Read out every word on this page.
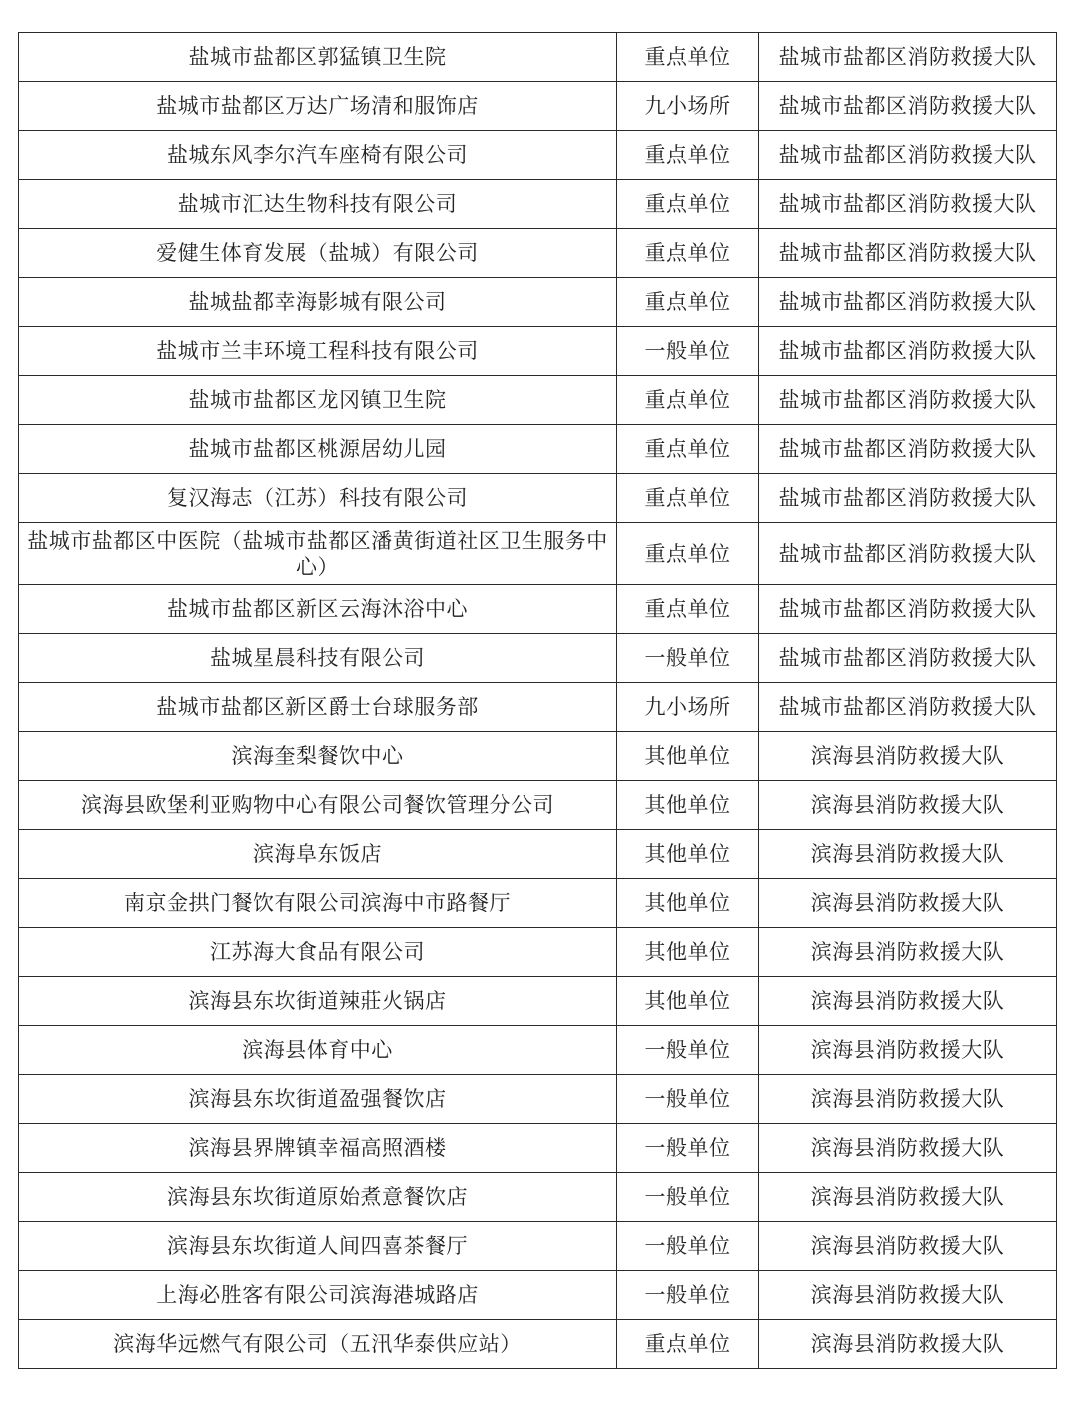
盐城市盐都区郭猛镇卫生院	重点单位	盐城市盐都区消防救援大队
盐城市盐都区万达广场清和服饰店	九小场所	盐城市盐都区消防救援大队
盐城东风李尔汽车座椅有限公司	重点单位	盐城市盐都区消防救援大队
盐城市汇达生物科技有限公司	重点单位	盐城市盐都区消防救援大队
爱健生体育发展（盐城）有限公司	重点单位	盐城市盐都区消防救援大队
盐城盐都幸海影城有限公司	重点单位	盐城市盐都区消防救援大队
盐城市兰丰环境工程科技有限公司	一般单位	盐城市盐都区消防救援大队
盐城市盐都区龙冈镇卫生院	重点单位	盐城市盐都区消防救援大队
盐城市盐都区桃源居幼儿园	重点单位	盐城市盐都区消防救援大队
复汉海志（江苏）科技有限公司	重点单位	盐城市盐都区消防救援大队
盐城市盐都区中医院（盐城市盐都区潘黄街道社区卫生服务中心）	重点单位	盐城市盐都区消防救援大队
盐城市盐都区新区云海沐浴中心	重点单位	盐城市盐都区消防救援大队
盐城星晨科技有限公司	一般单位	盐城市盐都区消防救援大队
盐城市盐都区新区爵士台球服务部	九小场所	盐城市盐都区消防救援大队
滨海奎梨餐饮中心	其他单位	滨海县消防救援大队
滨海县欧堡利亚购物中心有限公司餐饮管理分公司	其他单位	滨海县消防救援大队
滨海阜东饭店	其他单位	滨海县消防救援大队
南京金拱门餐饮有限公司滨海中市路餐厅	其他单位	滨海县消防救援大队
江苏海大食品有限公司	其他单位	滨海县消防救援大队
滨海县东坎街道辣莊火锅店	其他单位	滨海县消防救援大队
滨海县体育中心	一般单位	滨海县消防救援大队
滨海县东坎街道盈强餐饮店	一般单位	滨海县消防救援大队
滨海县界牌镇幸福高照酒楼	一般单位	滨海县消防救援大队
滨海县东坎街道原始煮意餐饮店	一般单位	滨海县消防救援大队
滨海县东坎街道人间四喜茶餐厅	一般单位	滨海县消防救援大队
上海必胜客有限公司滨海港城路店	一般单位	滨海县消防救援大队
滨海华远燃气有限公司（五汛华泰供应站）	重点单位	滨海县消防救援大队
